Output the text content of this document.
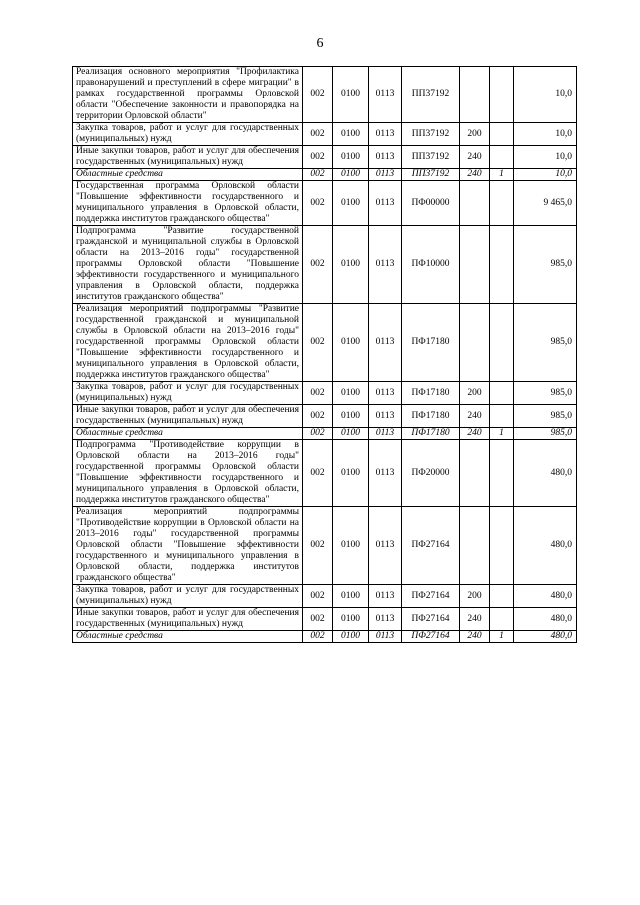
6
Реализация основного мероприятия "Профилактика правонарушений и преступлений в сфере миграции" в рамках государственной программы Орловской области "Обеспечение законности и правопорядка на территории Орловской области"	002	0100	0113	ПП37192			10,0
Закупка товаров, работ и услуг для государственных (муниципальных) нужд	002	0100	0113	ПП37192	200		10,0
Иные закупки товаров, работ и услуг для обеспечения государственных (муниципальных) нужд	002	0100	0113	ПП37192	240		10,0
Областные средства	002	0100	0113	ПП37192	240	1	10,0
Государственная программа Орловской области "Повышение эффективности государственного и муниципального управления в Орловской области, поддержка институтов гражданского общества"	002	0100	0113	ПФ00000			9 465,0
Подпрограмма "Развитие государственной гражданской и муниципальной службы в Орловской области на 2013–2016 годы" государственной программы Орловской области "Повышение эффективности государственного и муниципального управления в Орловской области, поддержка институтов гражданского общества"	002	0100	0113	ПФ10000			985,0
Реализация мероприятий подпрограммы "Развитие государственной гражданской и муниципальной службы в Орловской области на 2013–2016 годы" государственной программы Орловской области "Повышение эффективности государственного и муниципального управления в Орловской области, поддержка институтов гражданского общества"	002	0100	0113	ПФ17180			985,0
Закупка товаров, работ и услуг для государственных (муниципальных) нужд	002	0100	0113	ПФ17180	200		985,0
Иные закупки товаров, работ и услуг для обеспечения государственных (муниципальных) нужд	002	0100	0113	ПФ17180	240		985,0
Областные средства	002	0100	0113	ПФ17180	240	1	985,0
Подпрограмма "Противодействие коррупции в Орловской области на 2013–2016 годы" государственной программы Орловской области "Повышение эффективности государственного и муниципального управления в Орловской области, поддержка институтов гражданского общества"	002	0100	0113	ПФ20000			480,0
Реализация мероприятий подпрограммы "Противодействие коррупции в Орловской области на 2013–2016 годы" государственной программы Орловской области "Повышение эффективности государственного и муниципального управления в Орловской области, поддержка институтов гражданского общества"	002	0100	0113	ПФ27164			480,0
Закупка товаров, работ и услуг для государственных (муниципальных) нужд	002	0100	0113	ПФ27164	200		480,0
Иные закупки товаров, работ и услуг для обеспечения государственных (муниципальных) нужд	002	0100	0113	ПФ27164	240		480,0
Областные средства	002	0100	0113	ПФ27164	240	1	480,0
